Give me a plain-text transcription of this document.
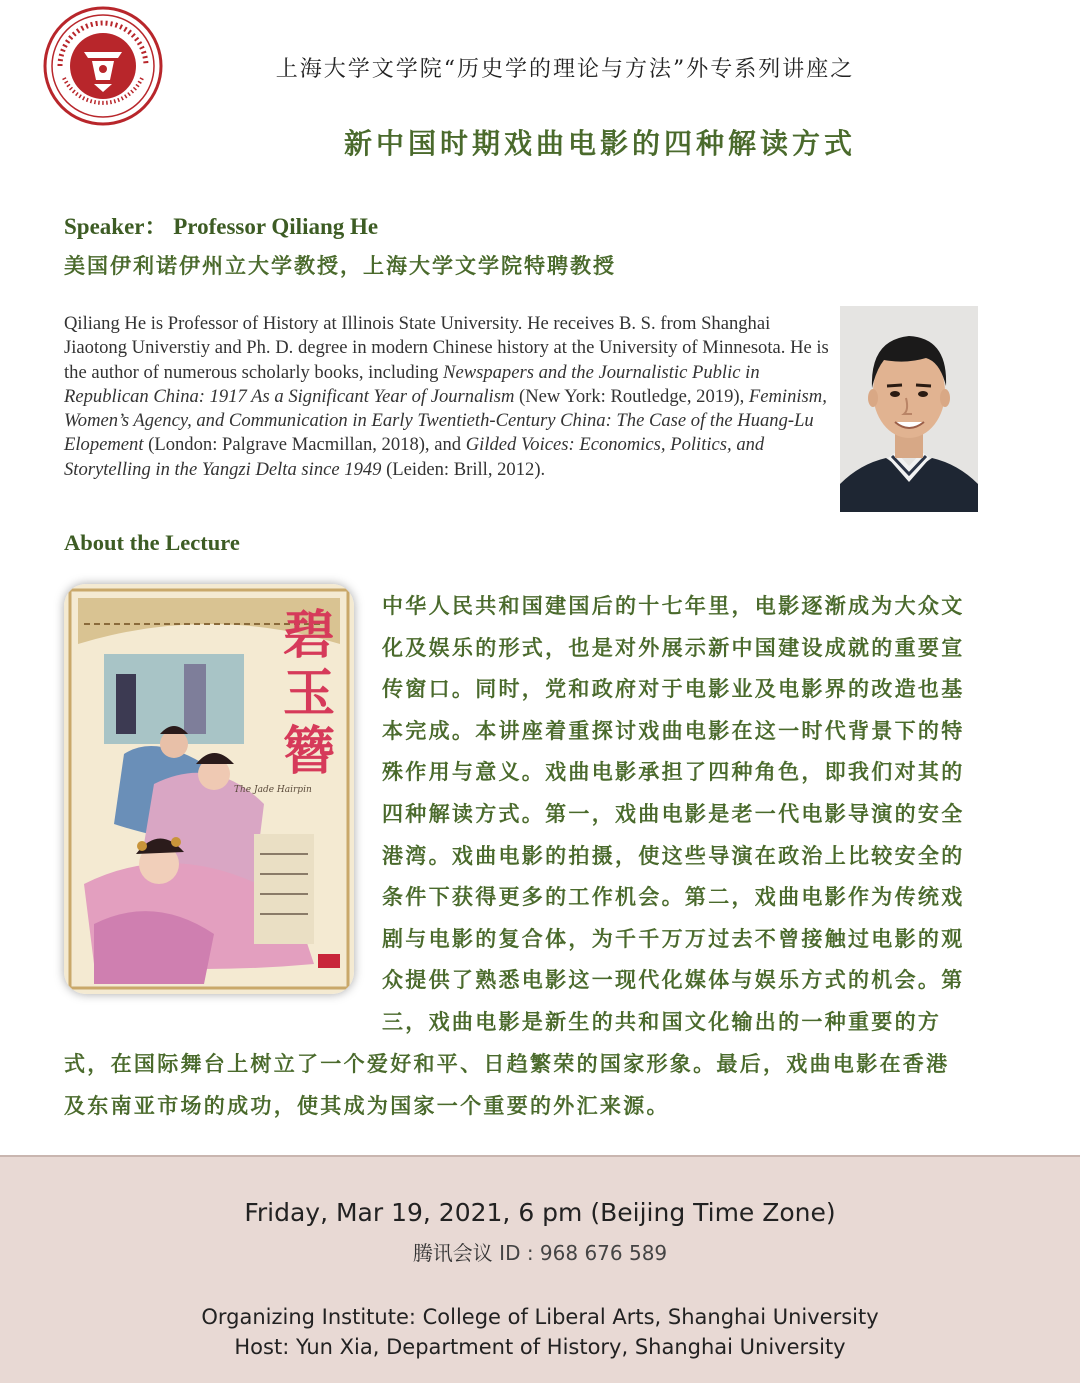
上海大学文学院“历史学的理论与方法”外专系列讲座之
新中国时期戏曲电影的四种解读方式
Speaker： Professor Qiliang He
美国伊利诺伊州立大学教授，上海大学文学院特聘教授
Qiliang He is Professor of History at Illinois State University. He receives B. S. from Shanghai Jiaotong Universtiy and Ph. D. degree in modern Chinese history at the University of Minnesota. He is the author of numerous scholarly books, including Newspapers and the Journalistic Public in Republican China: 1917 As a Significant Year of Journalism (New York: Routledge, 2019), Feminism, Women’s Agency, and Communication in Early Twentieth-Century China: The Case of the Huang-Lu Elopement (London: Palgrave Macmillan, 2018), and Gilded Voices: Economics, Politics, and Storytelling in the Yangzi Delta since 1949 (Leiden: Brill, 2012).
About the Lecture
碧玉簪
The Jade Hairpin
中华人民共和国建国后的十七年里，电影逐渐成为大众文
化及娱乐的形式，也是对外展示新中国建设成就的重要宣
传窗口。同时，党和政府对于电影业及电影界的改造也基
本完成。本讲座着重探讨戏曲电影在这一时代背景下的特
殊作用与意义。戏曲电影承担了四种角色，即我们对其的
四种解读方式。第一，戏曲电影是老一代电影导演的安全
港湾。戏曲电影的拍摄，使这些导演在政治上比较安全的
条件下获得更多的工作机会。第二，戏曲电影作为传统戏
剧与电影的复合体，为千千万万过去不曾接触过电影的观
众提供了熟悉电影这一现代化媒体与娱乐方式的机会。第
三，戏曲电影是新生的共和国文化输出的一种重要的方
式，在国际舞台上树立了一个爱好和平、日趋繁荣的国家形象。最后，戏曲电影在香港
及东南亚市场的成功，使其成为国家一个重要的外汇来源。
Friday, Mar 19, 2021, 6 pm (Beijing Time Zone)
腾讯会议 ID : 968 676 589
Organizing Institute: College of Liberal Arts, Shanghai University
Host: Yun Xia, Department of History, Shanghai University
